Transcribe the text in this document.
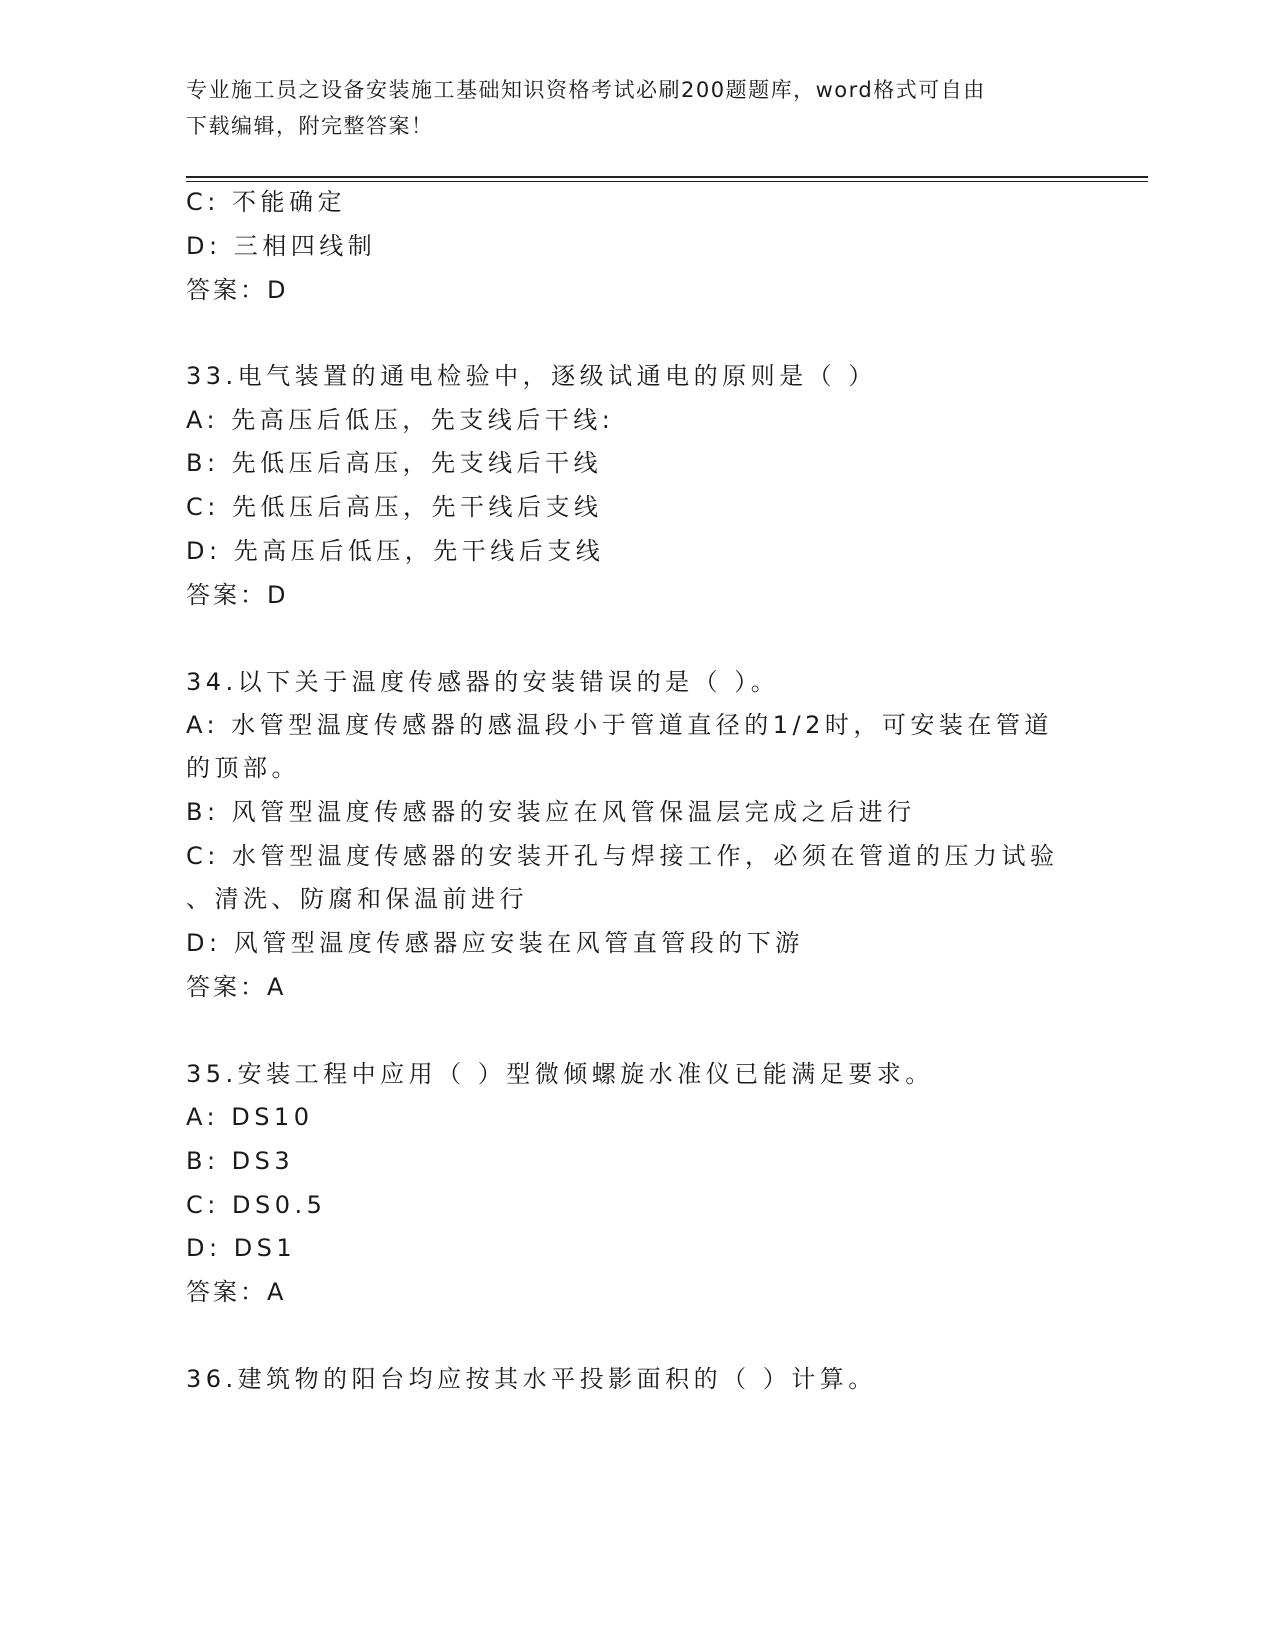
专业施工员之设备安装施工基础知识资格考试必刷200题题库，word格式可自由
下载编辑，附完整答案！
C: 不能确定
D: 三相四线制
答案：D
33.电气装置的通电检验中，逐级试通电的原则是（ ）
A: 先高压后低压，先支线后干线:
B: 先低压后高压，先支线后干线
C: 先低压后高压，先干线后支线
D: 先高压后低压，先干线后支线
答案：D
34.以下关于温度传感器的安装错误的是（ ）。
A: 水管型温度传感器的感温段小于管道直径的1/2时，可安装在管道
的顶部。
B: 风管型温度传感器的安装应在风管保温层完成之后进行
C: 水管型温度传感器的安装开孔与焊接工作，必须在管道的压力试验
、清洗、防腐和保温前进行
D: 风管型温度传感器应安装在风管直管段的下游
答案：A
35.安装工程中应用（ ）型微倾螺旋水准仪已能满足要求。
A: DS10
B: DS3
C: DS0.5
D: DS1
答案：A
36.建筑物的阳台均应按其水平投影面积的（ ）计算。
